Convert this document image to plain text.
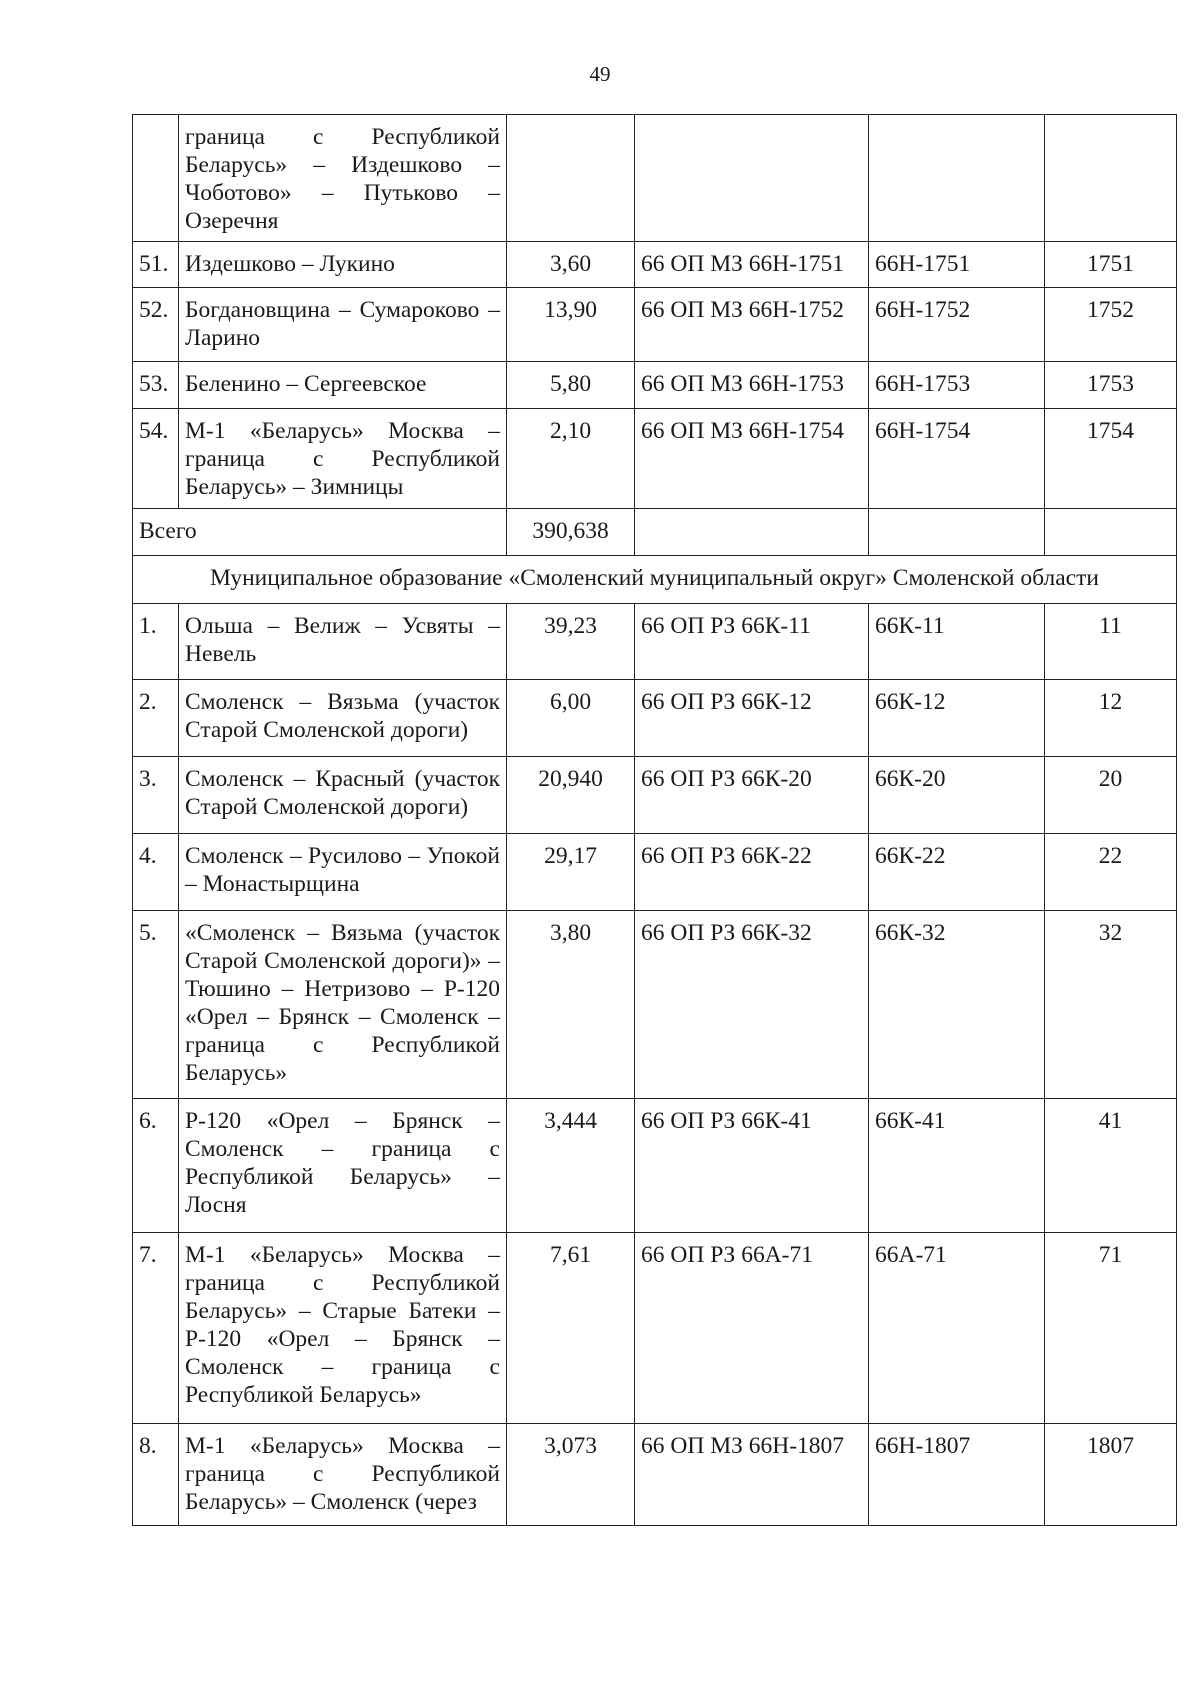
49
	граница с Республикой Беларусь» – Издешково – Чоботово» – Путьково – Озеречня				
51.	Издешково – Лукино	3,60	66 ОП МЗ 66Н-1751	66Н-1751	1751
52.	Богдановщина – Сумароково – Ларино	13,90	66 ОП МЗ 66Н-1752	66Н-1752	1752
53.	Беленино – Сергеевское	5,80	66 ОП МЗ 66Н-1753	66Н-1753	1753
54.	М-1 «Беларусь» Москва – граница с Республикой Беларусь» – Зимницы	2,10	66 ОП МЗ 66Н-1754	66Н-1754	1754
Всего		390,638			
Муниципальное образование «Смоленский муниципальный округ» Смоленской области					
1.	Ольша – Велиж – Усвяты – Невель	39,23	66 ОП РЗ 66К-11	66К-11	11
2.	Смоленск – Вязьма (участок Старой Смоленской дороги)	6,00	66 ОП РЗ 66К-12	66К-12	12
3.	Смоленск – Красный (участок Старой Смоленской дороги)	20,940	66 ОП РЗ 66К-20	66К-20	20
4.	Смоленск – Русилово – Упокой – Монастырщина	29,17	66 ОП РЗ 66К-22	66К-22	22
5.	«Смоленск – Вязьма (участок Старой Смоленской дороги)» – Тюшино – Нетризово – Р-120 «Орел – Брянск – Смоленск – граница с Республикой Беларусь»	3,80	66 ОП РЗ 66К-32	66К-32	32
6.	Р-120 «Орел – Брянск – Смоленск – граница с Республикой Беларусь» – Лосня	3,444	66 ОП РЗ 66К-41	66К-41	41
7.	М-1 «Беларусь» Москва – граница с Республикой Беларусь» – Старые Батеки – Р-120 «Орел – Брянск – Смоленск – граница с Республикой Беларусь»	7,61	66 ОП РЗ 66А-71	66А-71	71
8.	М-1 «Беларусь» Москва – граница с Республикой Беларусь» – Смоленск (через	3,073	66 ОП МЗ 66Н-1807	66Н-1807	1807
